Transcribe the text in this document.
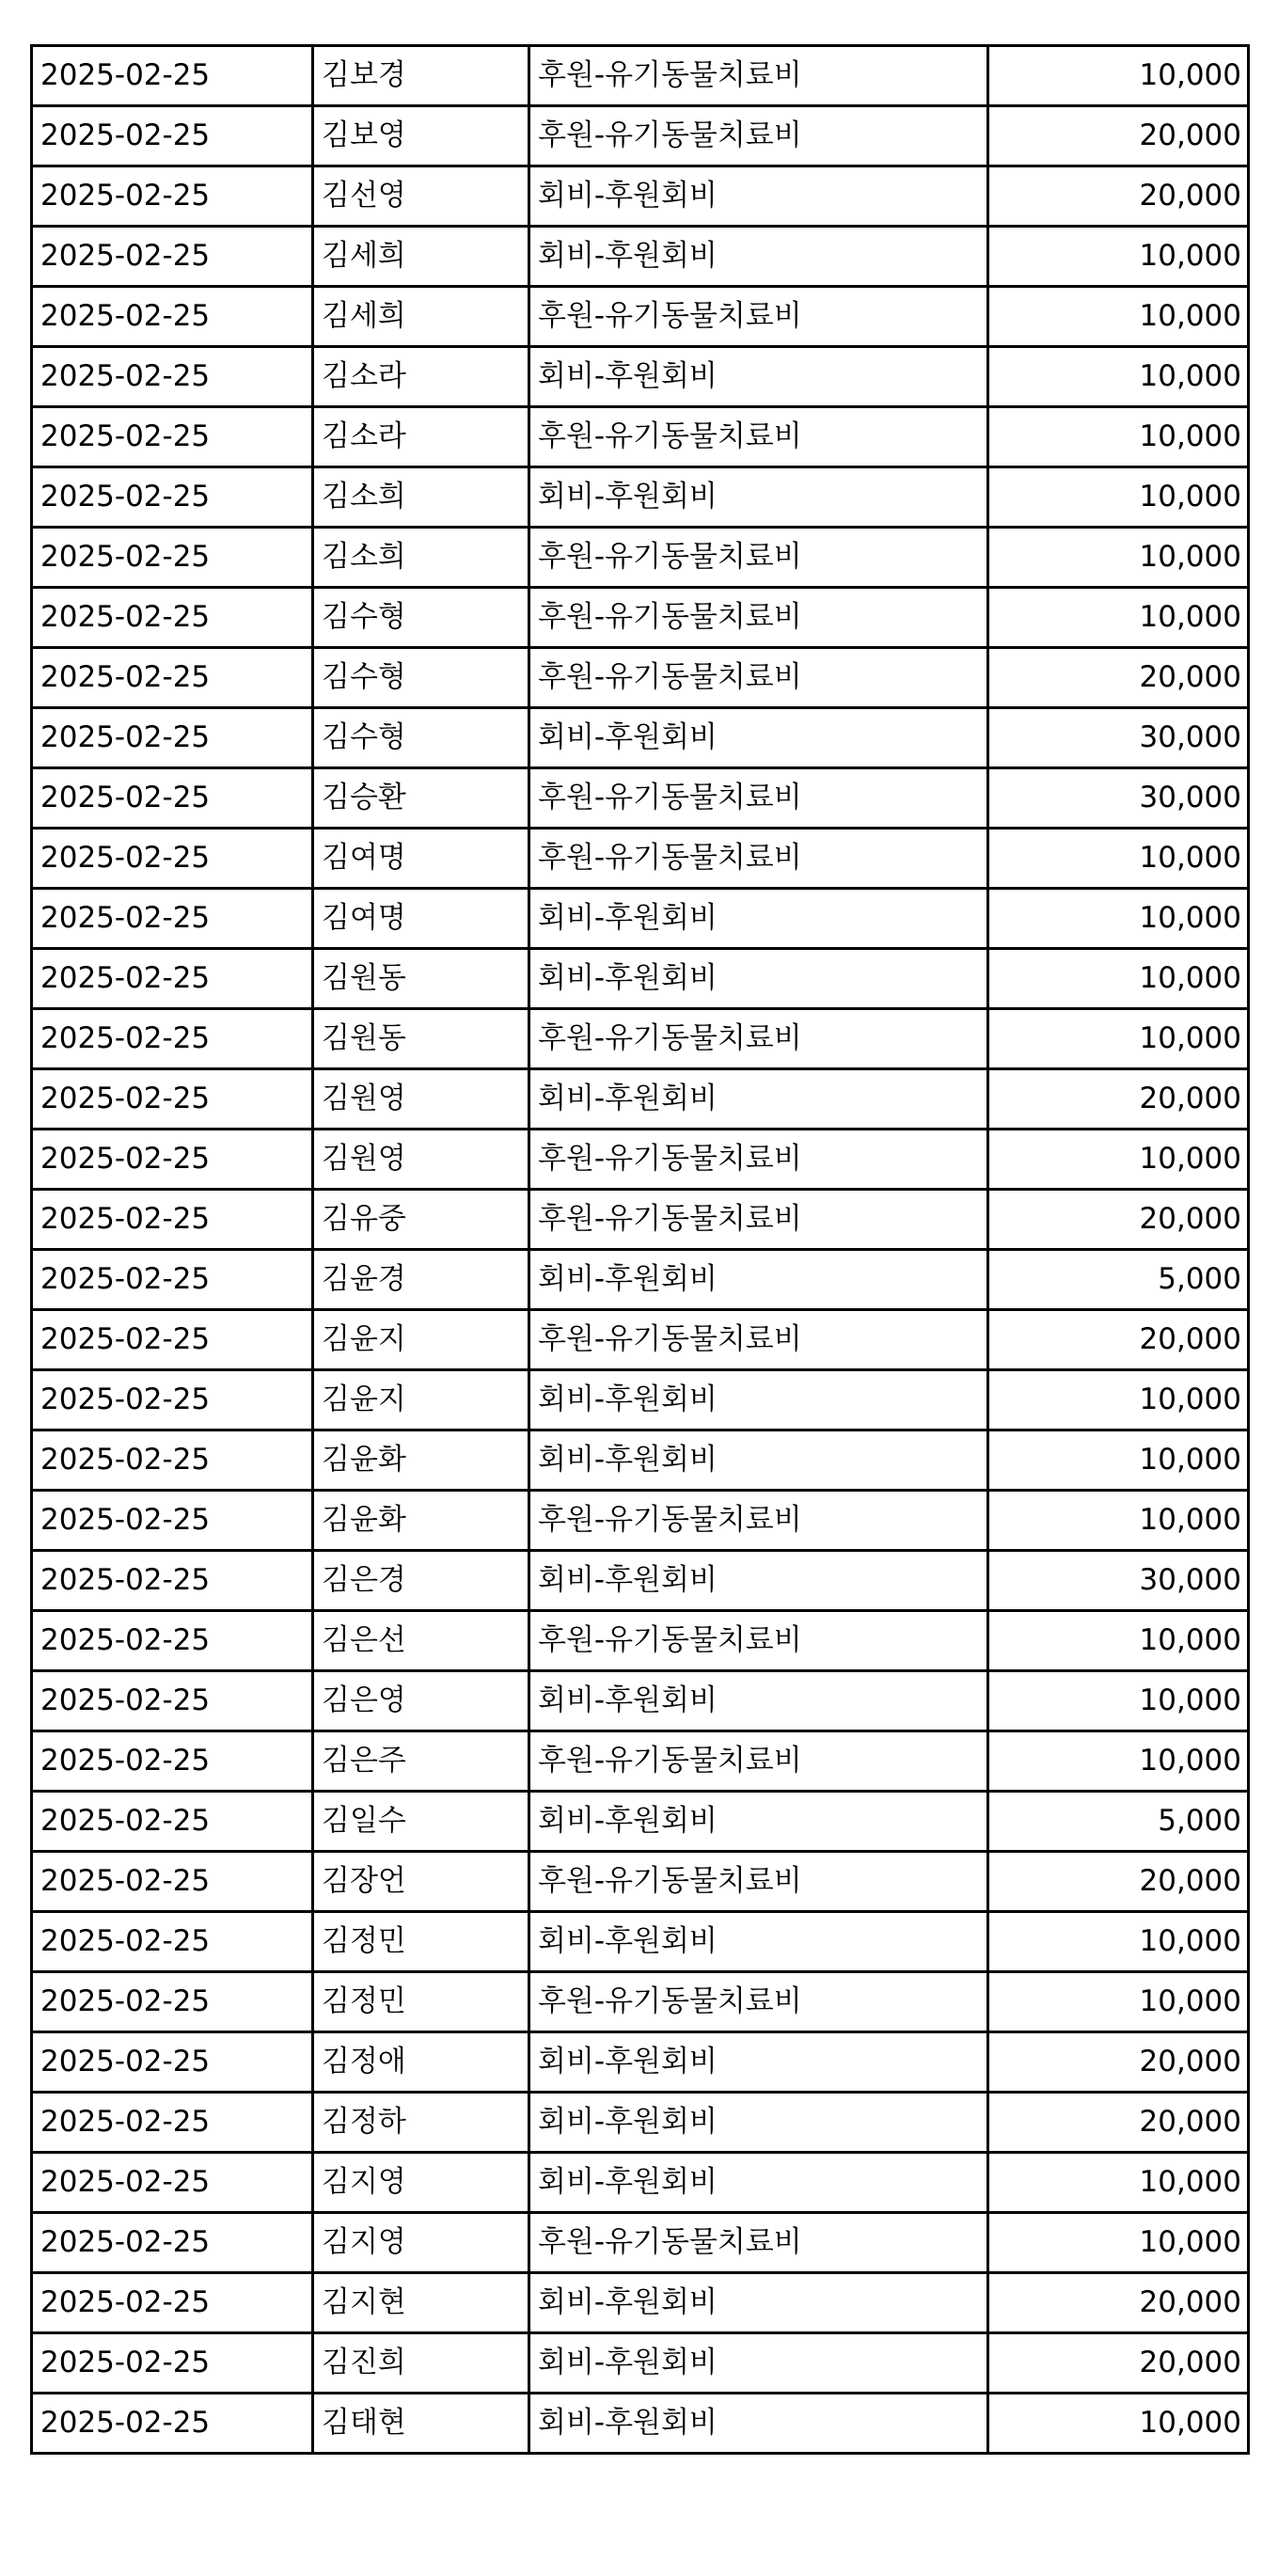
2025-02-25	김보경	후원-유기동물치료비	10,000
2025-02-25	김보영	후원-유기동물치료비	20,000
2025-02-25	김선영	회비-후원회비	20,000
2025-02-25	김세희	회비-후원회비	10,000
2025-02-25	김세희	후원-유기동물치료비	10,000
2025-02-25	김소라	회비-후원회비	10,000
2025-02-25	김소라	후원-유기동물치료비	10,000
2025-02-25	김소희	회비-후원회비	10,000
2025-02-25	김소희	후원-유기동물치료비	10,000
2025-02-25	김수형	후원-유기동물치료비	10,000
2025-02-25	김수형	후원-유기동물치료비	20,000
2025-02-25	김수형	회비-후원회비	30,000
2025-02-25	김승환	후원-유기동물치료비	30,000
2025-02-25	김여명	후원-유기동물치료비	10,000
2025-02-25	김여명	회비-후원회비	10,000
2025-02-25	김원동	회비-후원회비	10,000
2025-02-25	김원동	후원-유기동물치료비	10,000
2025-02-25	김원영	회비-후원회비	20,000
2025-02-25	김원영	후원-유기동물치료비	10,000
2025-02-25	김유중	후원-유기동물치료비	20,000
2025-02-25	김윤경	회비-후원회비	5,000
2025-02-25	김윤지	후원-유기동물치료비	20,000
2025-02-25	김윤지	회비-후원회비	10,000
2025-02-25	김윤화	회비-후원회비	10,000
2025-02-25	김윤화	후원-유기동물치료비	10,000
2025-02-25	김은경	회비-후원회비	30,000
2025-02-25	김은선	후원-유기동물치료비	10,000
2025-02-25	김은영	회비-후원회비	10,000
2025-02-25	김은주	후원-유기동물치료비	10,000
2025-02-25	김일수	회비-후원회비	5,000
2025-02-25	김장언	후원-유기동물치료비	20,000
2025-02-25	김정민	회비-후원회비	10,000
2025-02-25	김정민	후원-유기동물치료비	10,000
2025-02-25	김정애	회비-후원회비	20,000
2025-02-25	김정하	회비-후원회비	20,000
2025-02-25	김지영	회비-후원회비	10,000
2025-02-25	김지영	후원-유기동물치료비	10,000
2025-02-25	김지현	회비-후원회비	20,000
2025-02-25	김진희	회비-후원회비	20,000
2025-02-25	김태현	회비-후원회비	10,000
